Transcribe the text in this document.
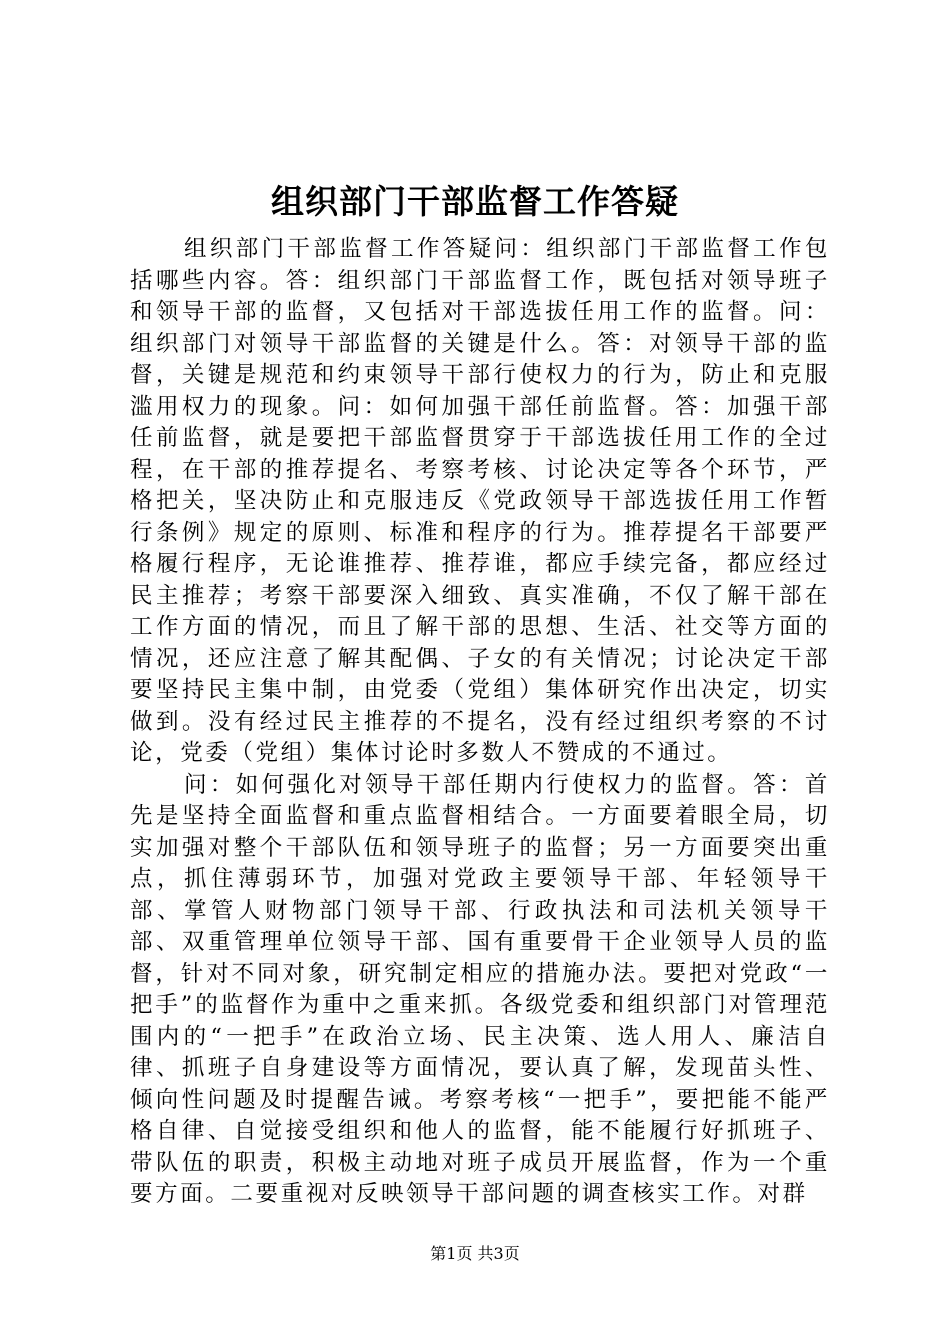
组织部门干部监督工作答疑

组织部门干部监督工作答疑问：组织部门干部监督工作包括哪些内容。答：组织部门干部监督工作，既包括对领导班子和领导干部的监督，又包括对干部选拔任用工作的监督。问：组织部门对领导干部监督的关键是什么。答：对领导干部的监督，关键是规范和约束领导干部行使权力的行为，防止和克服滥用权力的现象。问：如何加强干部任前监督。答：加强干部任前监督，就是要把干部监督贯穿于干部选拔任用工作的全过程，在干部的推荐提名、考察考核、讨论决定等各个环节，严格把关，坚决防止和克服违反《党政领导干部选拔任用工作暂行条例》规定的原则、标准和程序的行为。推荐提名干部要严格履行程序，无论谁推荐、推荐谁，都应手续完备，都应经过民主推荐；考察干部要深入细致、真实准确，不仅了解干部在工作方面的情况，而且了解干部的思想、生活、社交等方面的情况，还应注意了解其配偶、子女的有关情况；讨论决定干部要坚持民主集中制，由党委（党组）集体研究作出决定，切实做到。没有经过民主推荐的不提名，没有经过组织考察的不讨论，党委（党组）集体讨论时多数人不赞成的不通过。

问：如何强化对领导干部任期内行使权力的监督。答：首先是坚持全面监督和重点监督相结合。一方面要着眼全局，切实加强对整个干部队伍和领导班子的监督；另一方面要突出重点，抓住薄弱环节，加强对党政主要领导干部、年轻领导干部、掌管人财物部门领导干部、行政执法和司法机关领导干部、双重管理单位领导干部、国有重要骨干企业领导人员的监督，针对不同对象，研究制定相应的措施办法。要把对党政“一把手”的监督作为重中之重来抓。各级党委和组织部门对管理范围内的“一把手”在政治立场、民主决策、选人用人、廉洁自律、抓班子自身建设等方面情况，要认真了解，发现苗头性、倾向性问题及时提醒告诫。考察考核“一把手”，要把能不能严格自律、自觉接受组织和他人的监督，能不能履行好抓班子、带队伍的职责，积极主动地对班子成员开展监督，作为一个重要方面。二要重视对反映领导干部问题的调查核实工作。对群

第1页 共3页
